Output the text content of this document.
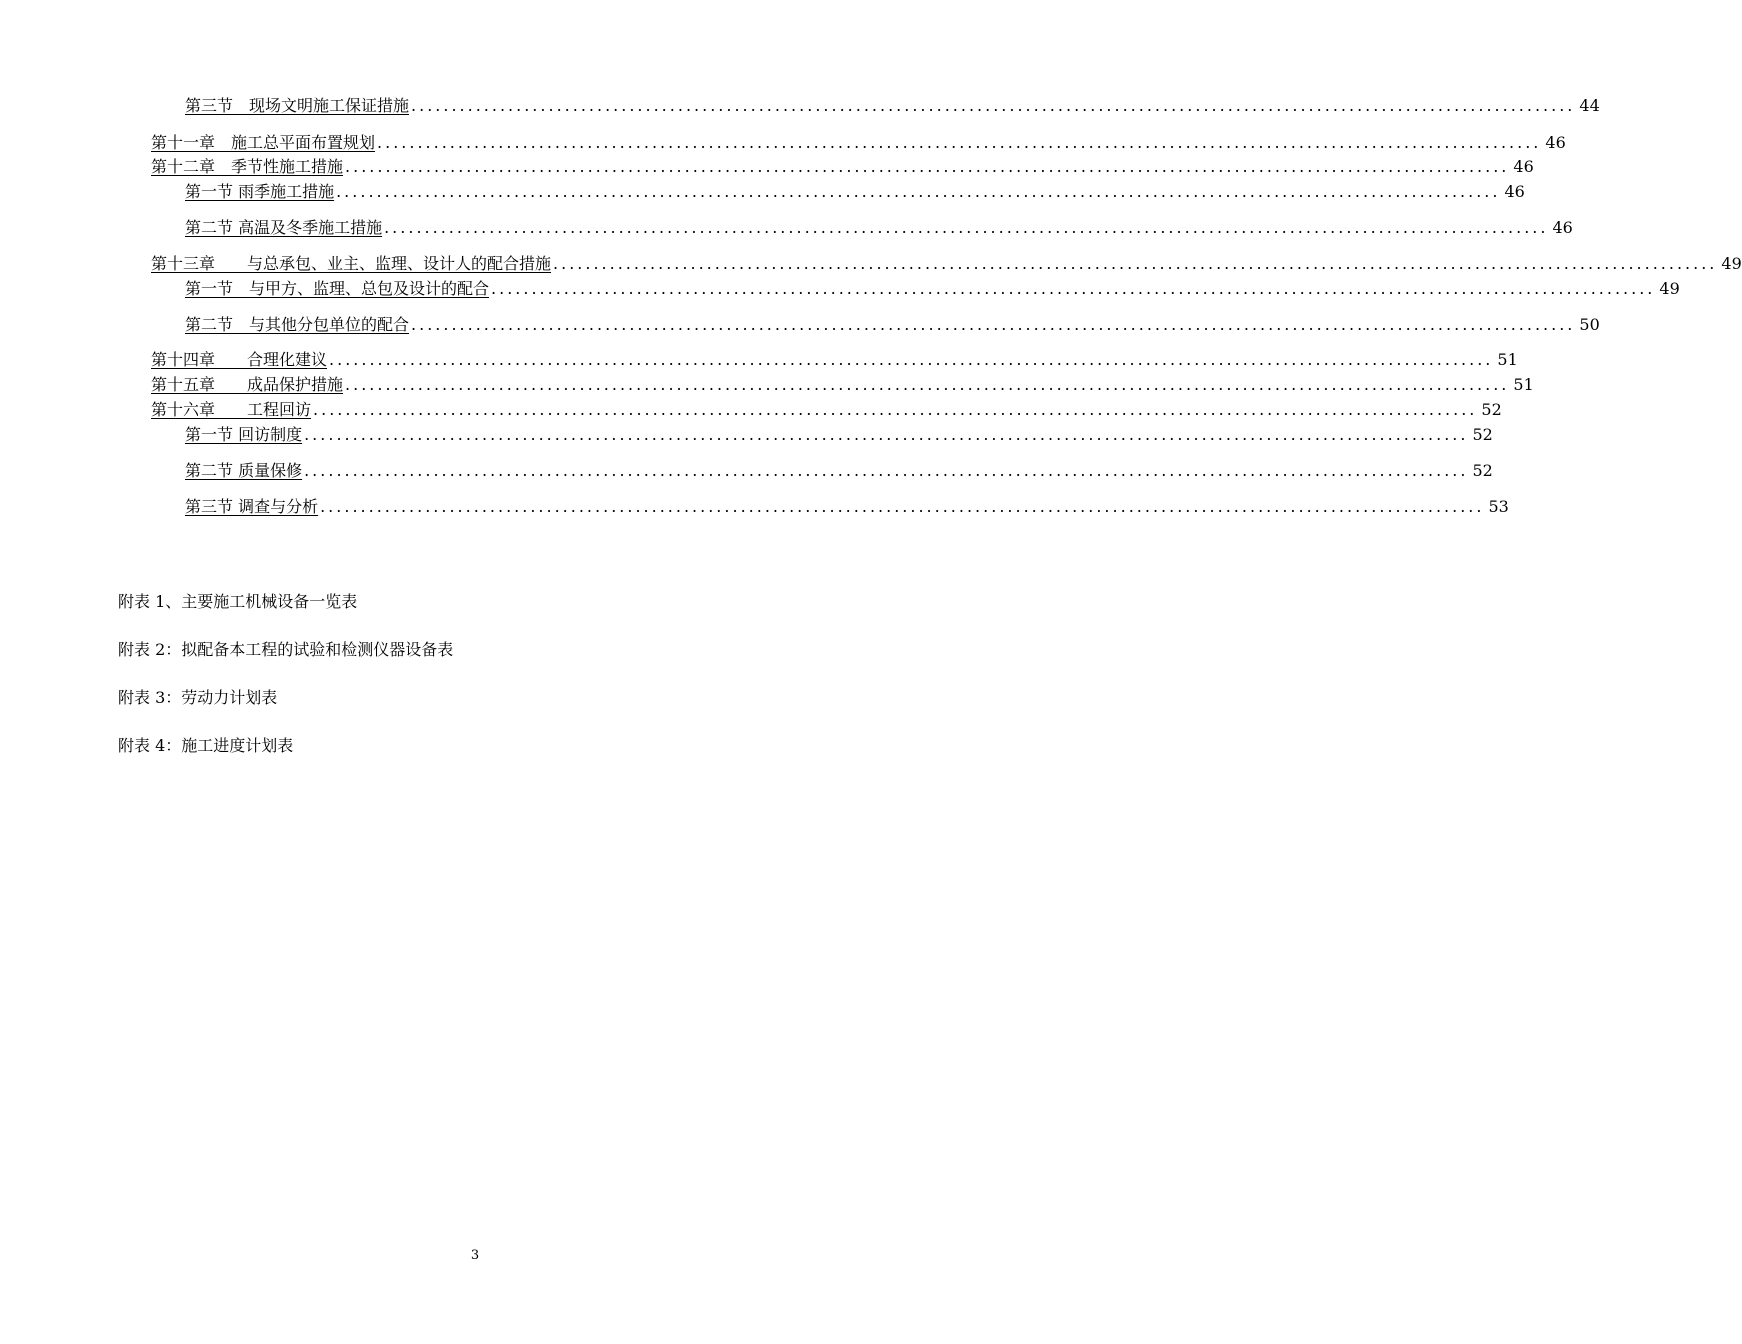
第三节　现场文明施工保证措施 ................................................................................................................................................ 44
第十一章　施工总平面布置规划 ................................................................................................................................................ 46
第十二章　季节性施工措施 ................................................................................................................................................ 46
第一节 雨季施工措施 ................................................................................................................................................ 46
第二节 高温及冬季施工措施 ................................................................................................................................................ 46
第十三章　　与总承包、业主、监理、设计人的配合措施 ................................................................................................................................................ 49
第一节　与甲方、监理、总包及设计的配合 ................................................................................................................................................ 49
第二节　与其他分包单位的配合 ................................................................................................................................................ 50
第十四章　　合理化建议 ................................................................................................................................................ 51
第十五章　　成品保护措施 ................................................................................................................................................ 51
第十六章　　工程回访 ................................................................................................................................................ 52
第一节 回访制度 ................................................................................................................................................ 52
第二节 质量保修 ................................................................................................................................................ 52
第三节 调查与分析 ................................................................................................................................................ 53
附表 1、主要施工机械设备一览表
附表 2：拟配备本工程的试验和检测仪器设备表
附表 3：劳动力计划表
附表 4：施工进度计划表
3
